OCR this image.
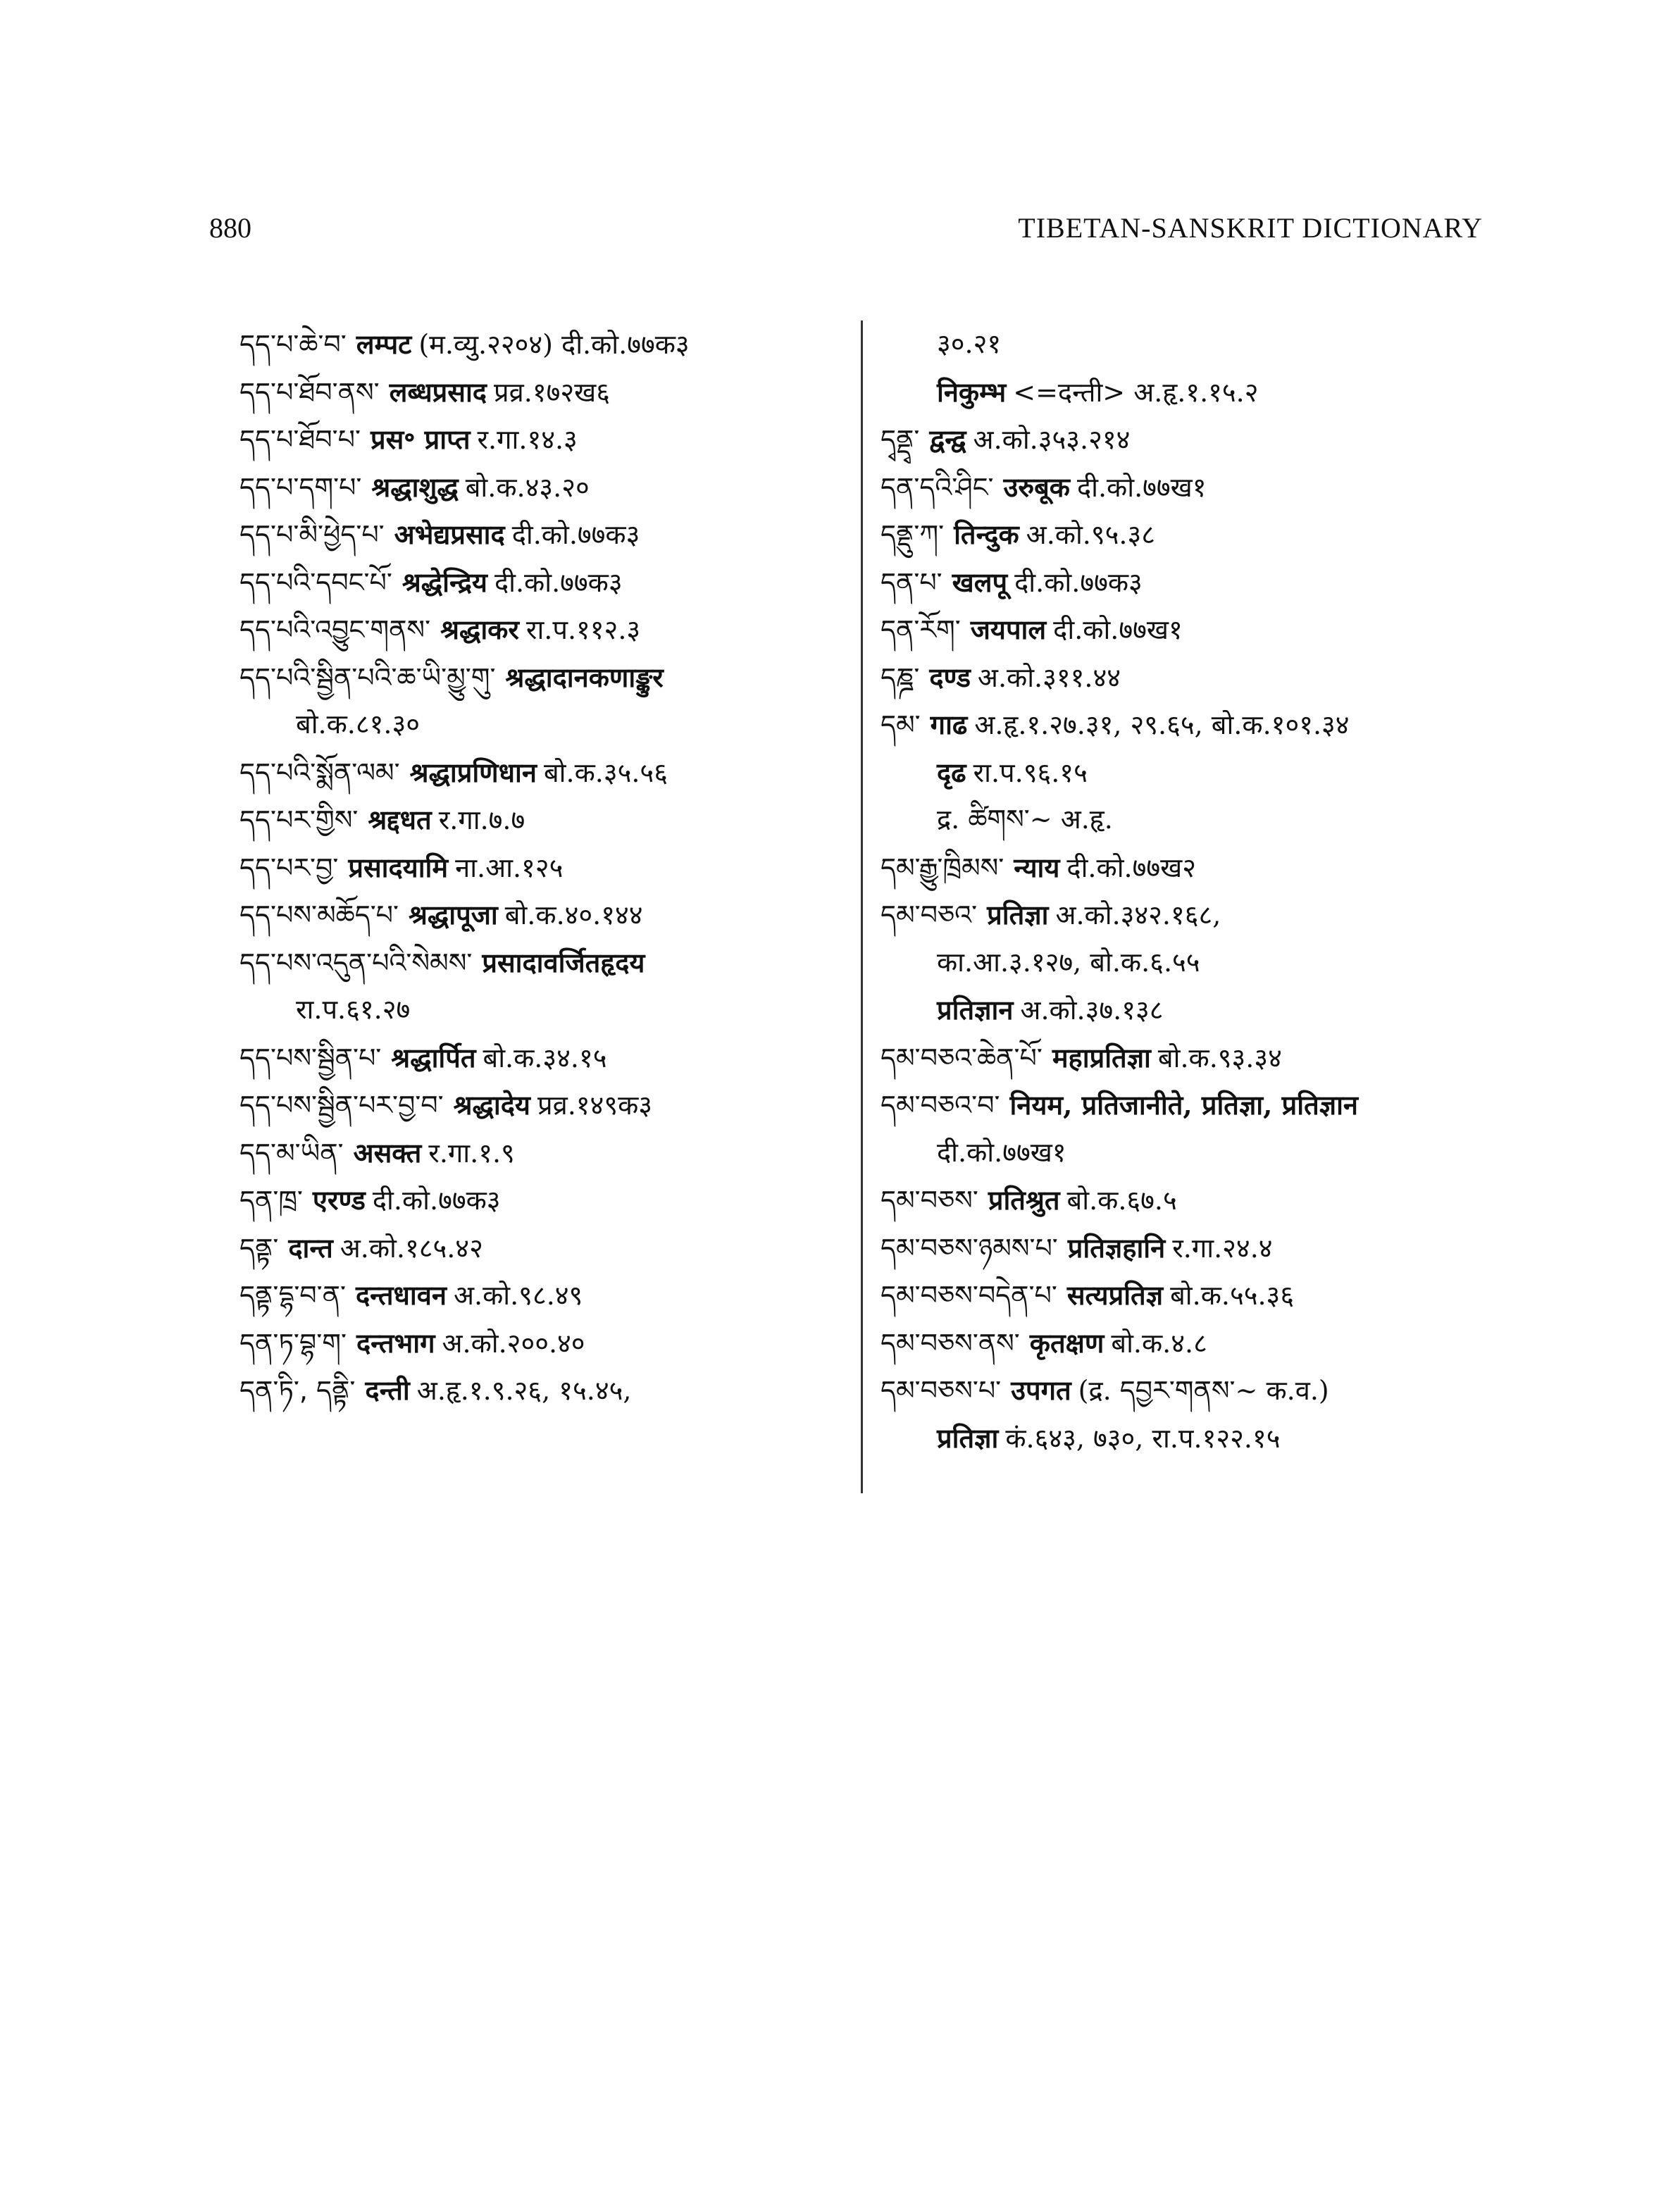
880	TIBETAN-SANSKRIT DICTIONARY
དད་པ་ཆེ་བ་ लम्पट (म.व्यु.२२०४) दी.को.७७क३
དད་པ་ཐོབ་ནས་ लब्धप्रसाद प्रव्र.१७२ख६
དད་པ་ཐོབ་པ་ प्रस॰ प्राप्त र.गा.१४.३
དད་པ་དག་པ་ श्रद्धाशुद्ध बो.क.४३.२०
དད་པ་མི་ཕྱེད་པ་ अभेद्यप्रसाद दी.को.७७क३
དད་པའི་དབང་པོ་ श्रद्धेन्द्रिय दी.को.७७क३
དད་པའི་འབྱུང་གནས་ श्रद्धाकर रा.प.११२.३
དད་པའི་སྦྱིན་པའི་ཆ་ཡི་མྱུ་གུ་ श्रद्धादानकणाङ्कुर
बो.क.८१.३०
དད་པའི་སྨོན་ལམ་ श्रद्धाप्रणिधान बो.क.३५.५६
དད་པར་གྱིས་ श्रद्दधत र.गा.७.७
དད་པར་བྱ་ प्रसादयामि ना.आ.१२५
དད་པས་མཆོད་པ་ श्रद्धापूजा बो.क.४०.१४४
དད་པས་འདུན་པའི་སེམས་ प्रसादावर्जितहृदय
रा.प.६१.२७
དད་པས་སྦྱིན་པ་ श्रद्धार्पित बो.क.३४.१५
དད་པས་སྦྱིན་པར་བྱ་བ་ श्रद्धादेय प्रव्र.१४९क३
དད་མ་ཡིན་ असक्त र.गा.१.९
དན་ཁྲ་ एरण्ड दी.को.७७क३
དནྟ་ दान्त अ.को.१८५.४२
དནྟ་དྷ་བ་ན་ दन्तधावन अ.को.९८.४९
དན་ཏ་བྷ་ག་ दन्तभाग अ.को.२००.४०
དན་ཏི་, དནྟི་ दन्ती अ.हृ.१.९.२६, १५.४५,
३०.२१
निकुम्भ <=दन्ती> अ.हृ.१.१५.२
དྭནྡྭ་ द्वन्द्व अ.को.३५३.२१४
དན་དའི་ཤིང་ उरुबूक दी.को.७७ख१
དནྡུ་ཀ་ तिन्दुक अ.को.९५.३८
དན་པ་ खलपू दी.को.७७क३
དན་རོག་ जयपाल दी.को.७७ख१
དཎྜ་ दण्ड अ.को.३११.४४
དམ་ गाढ अ.हृ.१.२७.३१, २९.६५, बो.क.१०१.३४
दृढ रा.प.९६.१५
द्र. ཚིགས་~ अ.हृ.
དམ་རྒྱུ་ཁྲིམས་ न्याय दी.को.७७ख२
དམ་བཅའ་ प्रतिज्ञा अ.को.३४२.१६८,
का.आ.३.१२७, बो.क.६.५५
प्रतिज्ञान अ.को.३७.१३८
དམ་བཅའ་ཆེན་པོ་ महाप्रतिज्ञा बो.क.९३.३४
དམ་བཅའ་བ་ नियम, प्रतिजानीते, प्रतिज्ञा, प्रतिज्ञान
दी.को.७७ख१
དམ་བཅས་ प्रतिश्रुत बो.क.६७.५
དམ་བཅས་ཉམས་པ་ प्रतिज्ञहानि र.गा.२४.४
དམ་བཅས་བདེན་པ་ सत्यप्रतिज्ञ बो.क.५५.३६
དམ་བཅས་ནས་ कृतक्षण बो.क.४.८
དམ་བཅས་པ་ उपगत (द्र. དབྱར་གནས་~ क.व.)
प्रतिज्ञा कं.६४३, ७३०, रा.प.१२२.१५
